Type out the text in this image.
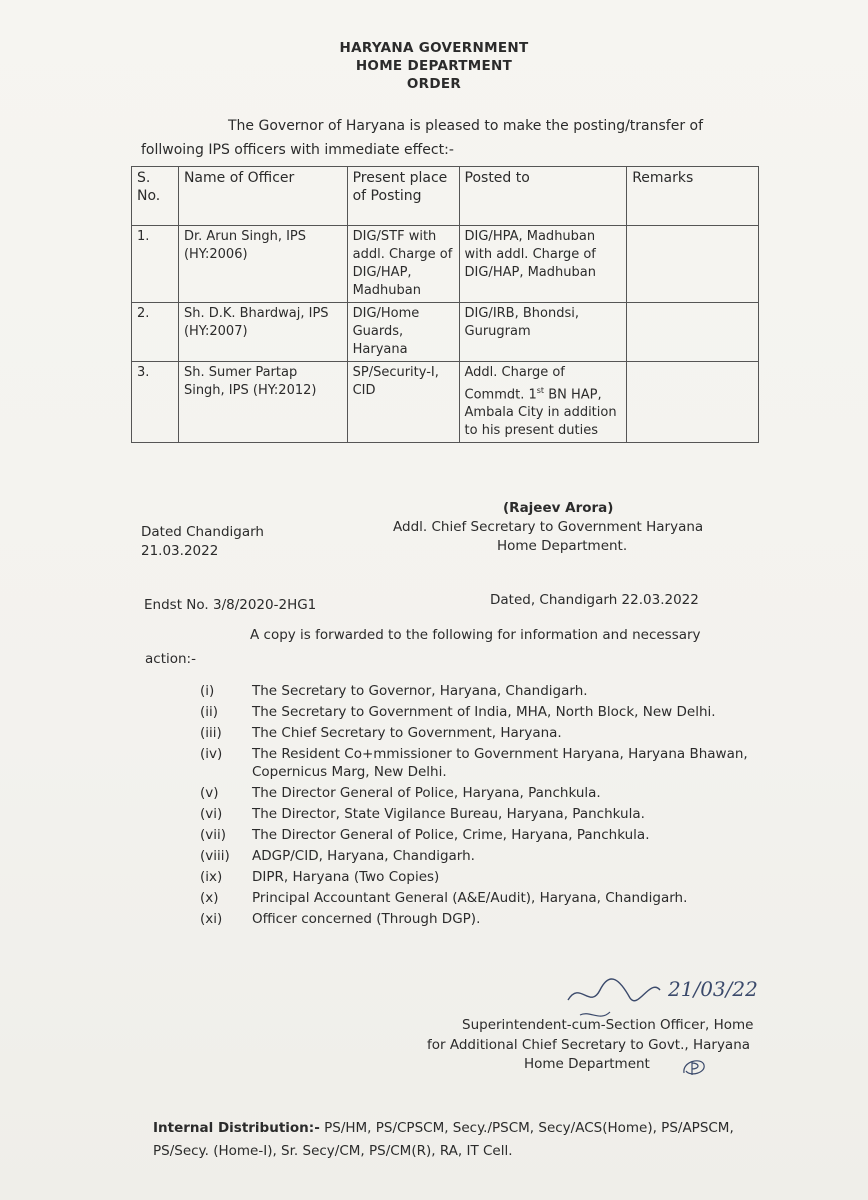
HARYANA GOVERNMENT
HOME DEPARTMENT
ORDER
The Governor of Haryana is pleased to make the posting/transfer of
follwoing IPS officers with immediate effect:-
S. No.	Name of Officer	Present place of Posting	Posted to	Remarks
1.	Dr. Arun Singh, IPS (HY:2006)	DIG/STF with addl. Charge of DIG/HAP, Madhuban	DIG/HPA, Madhuban with addl. Charge of DIG/HAP, Madhuban	
2.	Sh. D.K. Bhardwaj, IPS (HY:2007)	DIG/Home Guards, Haryana	DIG/IRB, Bhondsi, Gurugram	
3.	Sh. Sumer Partap Singh, IPS (HY:2012)	SP/Security-I, CID	Addl. Charge of Commdt. 1st BN HAP, Ambala City in addition to his present duties	
(Rajeev Arora)
Addl. Chief Secretary to Government Haryana
Home Department.
Dated Chandigarh
21.03.2022
Endst No. 3/8/2020-2HG1	Dated, Chandigarh 22.03.2022
A copy is forwarded to the following for information and necessary
action:-
(i)	The Secretary to Governor, Haryana, Chandigarh.
(ii)	The Secretary to Government of India, MHA, North Block, New Delhi.
(iii)	The Chief Secretary to Government, Haryana.
(iv)	The Resident Co+mmissioner to Government Haryana, Haryana Bhawan, Copernicus Marg, New Delhi.
(v)	The Director General of Police, Haryana, Panchkula.
(vi)	The Director, State Vigilance Bureau, Haryana, Panchkula.
(vii)	The Director General of Police, Crime, Haryana, Panchkula.
(viii)	ADGP/CID, Haryana, Chandigarh.
(ix)	DIPR, Haryana (Two Copies)
(x)	Principal Accountant General (A&E/Audit), Haryana, Chandigarh.
(xi)	Officer concerned (Through DGP).
21/03/22
Superintendent-cum-Section Officer, Home
for Additional Chief Secretary to Govt., Haryana
Home Department
Internal Distribution:- PS/HM, PS/CPSCM, Secy./PSCM, Secy/ACS(Home), PS/APSCM,
PS/Secy. (Home-I), Sr. Secy/CM, PS/CM(R), RA, IT Cell.
